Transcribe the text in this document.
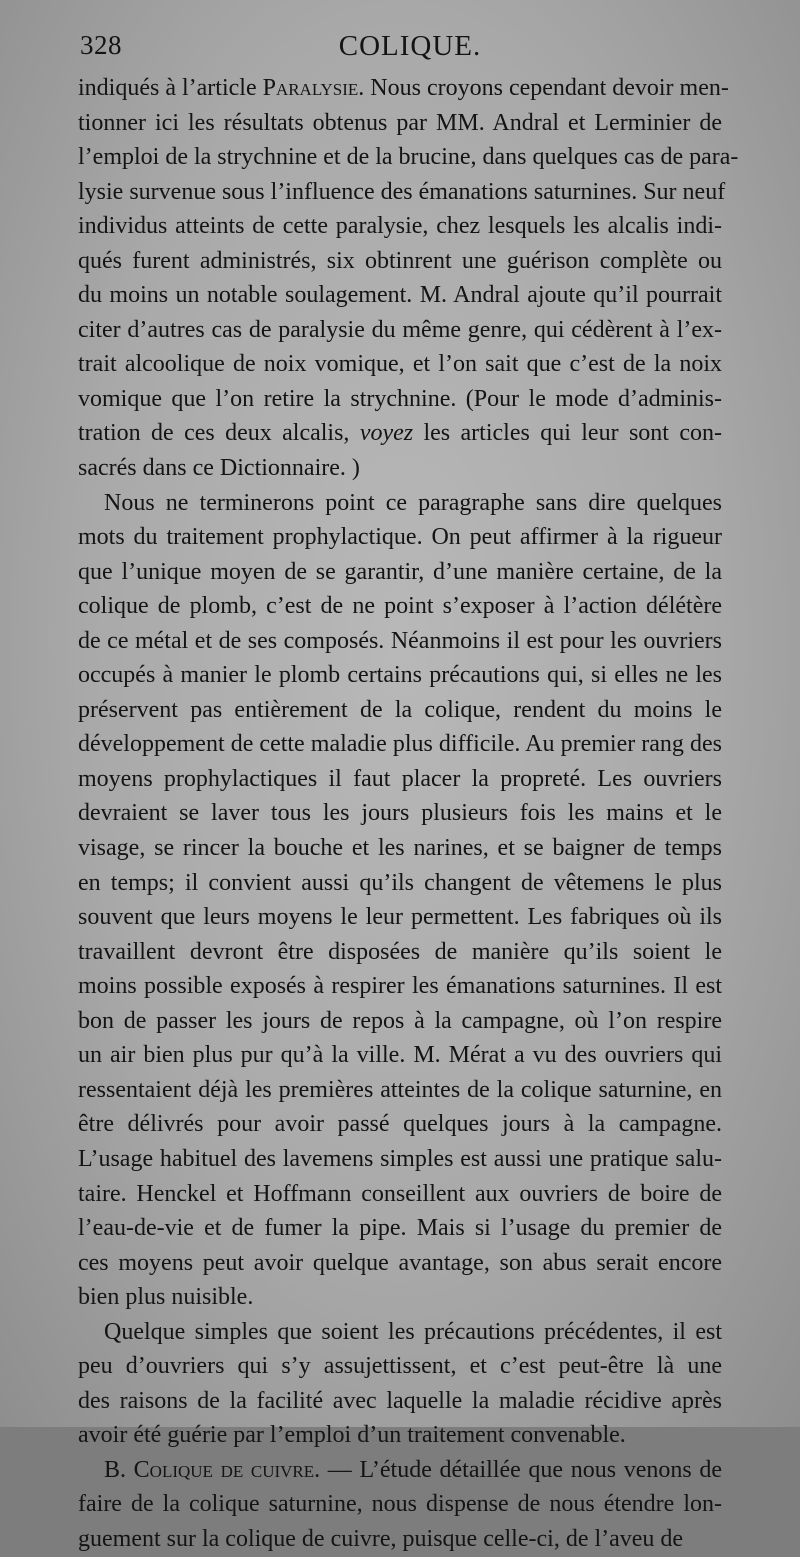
328	COLIQUE.
indiqués à l’article Paralysie. Nous croyons cependant devoir men-
tionner ici les résultats obtenus par MM. Andral et Lerminier de
l’emploi de la strychnine et de la brucine, dans quelques cas de para-
lysie survenue sous l’influence des émanations saturnines. Sur neuf
individus atteints de cette paralysie, chez lesquels les alcalis indi-
qués furent administrés, six obtinrent une guérison complète ou
du moins un notable soulagement. M. Andral ajoute qu’il pourrait
citer d’autres cas de paralysie du même genre, qui cédèrent à l’ex-
trait alcoolique de noix vomique, et l’on sait que c’est de la noix
vomique que l’on retire la strychnine. (Pour le mode d’adminis-
tration de ces deux alcalis, voyez les articles qui leur sont con-
sacrés dans ce Dictionnaire. )
Nous ne terminerons point ce paragraphe sans dire quelques
mots du traitement prophylactique. On peut affirmer à la rigueur
que l’unique moyen de se garantir, d’une manière certaine, de la
colique de plomb, c’est de ne point s’exposer à l’action délétère
de ce métal et de ses composés. Néanmoins il est pour les ouvriers
occupés à manier le plomb certains précautions qui, si elles ne les
préservent pas entièrement de la colique, rendent du moins le
développement de cette maladie plus difficile. Au premier rang des
moyens prophylactiques il faut placer la propreté. Les ouvriers
devraient se laver tous les jours plusieurs fois les mains et le
visage, se rincer la bouche et les narines, et se baigner de temps
en temps; il convient aussi qu’ils changent de vêtemens le plus
souvent que leurs moyens le leur permettent. Les fabriques où ils
travaillent devront être disposées de manière qu’ils soient le
moins possible exposés à respirer les émanations saturnines. Il est
bon de passer les jours de repos à la campagne, où l’on respire
un air bien plus pur qu’à la ville. M. Mérat a vu des ouvriers qui
ressentaient déjà les premières atteintes de la colique saturnine, en
être délivrés pour avoir passé quelques jours à la campagne.
L’usage habituel des lavemens simples est aussi une pratique salu-
taire. Henckel et Hoffmann conseillent aux ouvriers de boire de
l’eau-de-vie et de fumer la pipe. Mais si l’usage du premier de
ces moyens peut avoir quelque avantage, son abus serait encore
bien plus nuisible.
Quelque simples que soient les précautions précédentes, il est
peu d’ouvriers qui s’y assujettissent, et c’est peut-être là une
des raisons de la facilité avec laquelle la maladie récidive après
avoir été guérie par l’emploi d’un traitement convenable.
B. Colique de cuivre. — L’étude détaillée que nous venons de
faire de la colique saturnine, nous dispense de nous étendre lon-
guement sur la colique de cuivre, puisque celle-ci, de l’aveu de
